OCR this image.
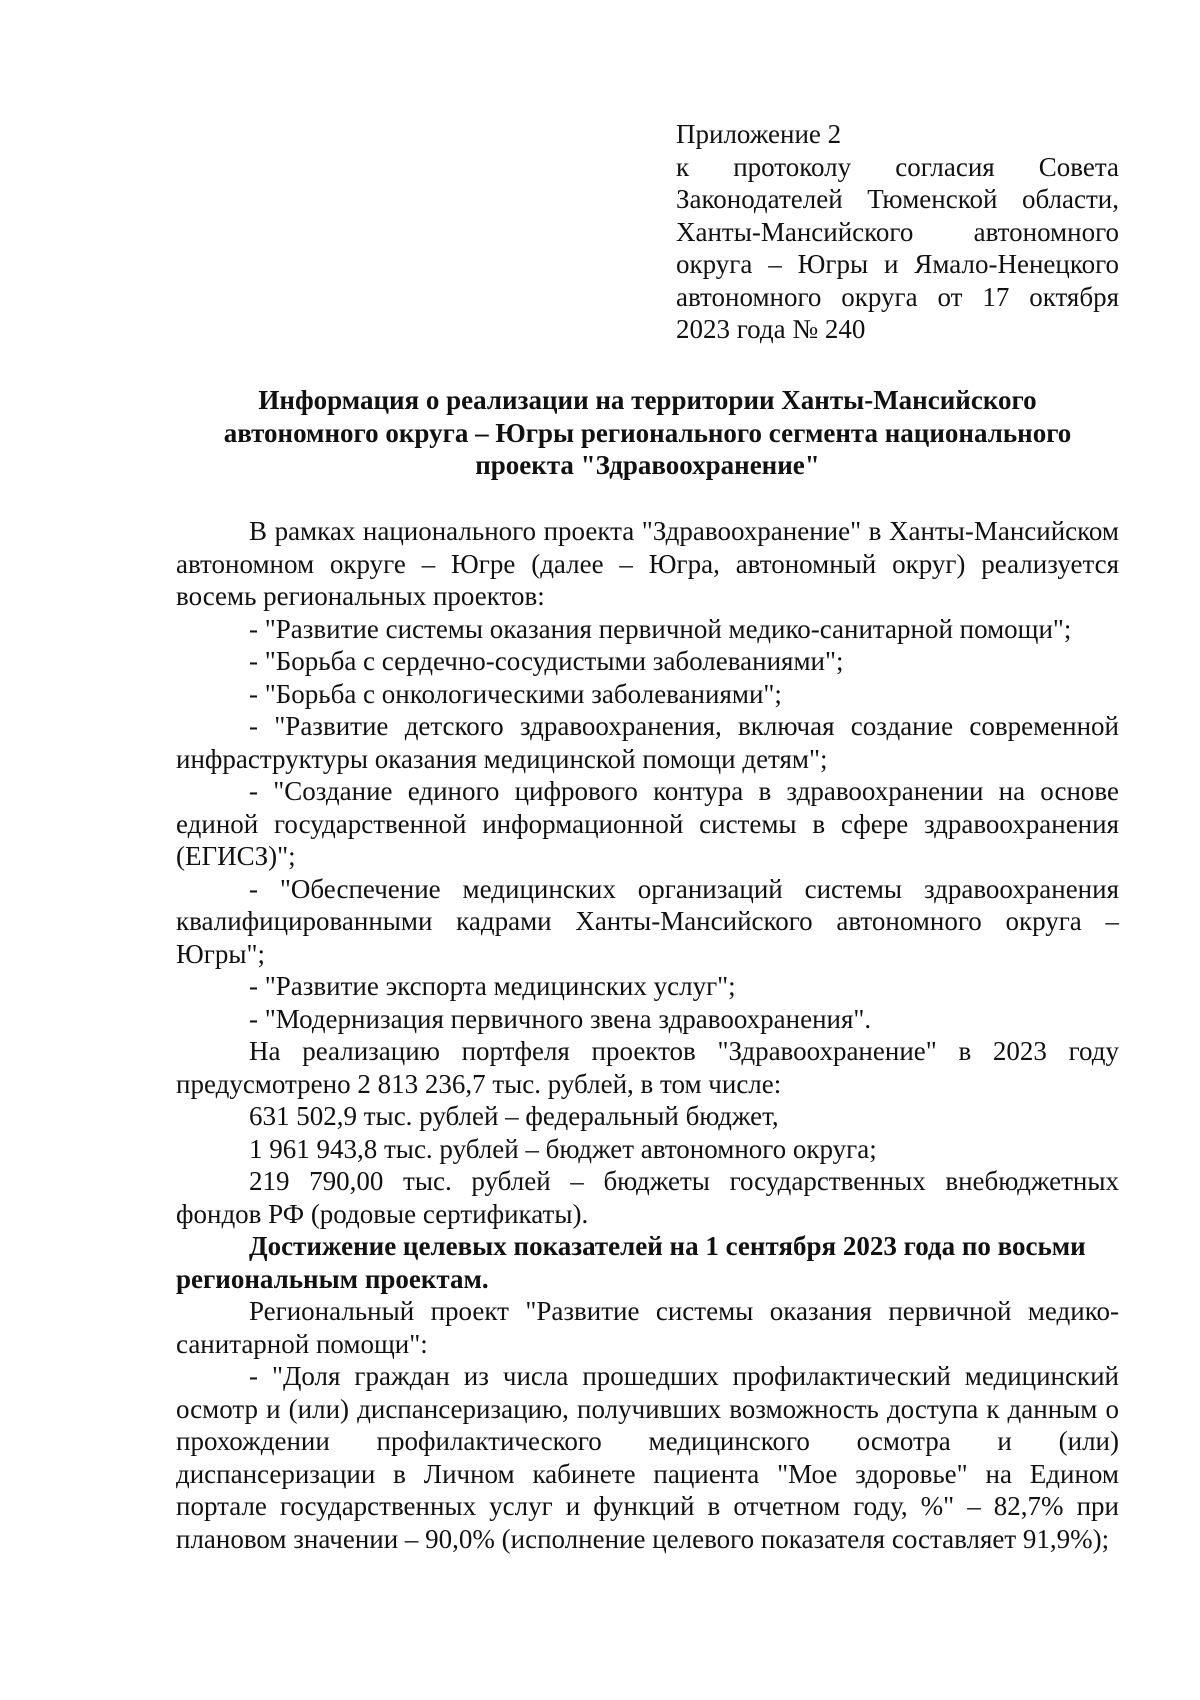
Приложение 2
к протоколу согласия Совета Законодателей Тюменской области, Ханты-Мансийского автономного округа – Югры и Ямало-Ненецкого автономного округа от 17 октября 2023 года № 240
Информация о реализации на территории Ханты-Мансийского
автономного округа – Югры регионального сегмента национального
проекта "Здравоохранение"

В рамках национального проекта "Здравоохранение" в Ханты-Мансийском автономном округе – Югре (далее – Югра, автономный округ) реализуется восемь региональных проектов:

- "Развитие системы оказания первичной медико-санитарной помощи";

- "Борьба с сердечно-сосудистыми заболеваниями";

- "Борьба с онкологическими заболеваниями";

- "Развитие детского здравоохранения, включая создание современной инфраструктуры оказания медицинской помощи детям";

- "Создание единого цифрового контура в здравоохранении на основе единой государственной информационной системы в сфере здравоохранения (ЕГИСЗ)";

- "Обеспечение медицинских организаций системы здравоохранения квалифицированными кадрами Ханты-Мансийского автономного округа – Югры";

- "Развитие экспорта медицинских услуг";

- "Модернизация первичного звена здравоохранения".

На реализацию портфеля проектов "Здравоохранение" в 2023 году предусмотрено 2 813 236,7 тыс. рублей, в том числе:

631 502,9 тыс. рублей – федеральный бюджет,

1 961 943,8 тыс. рублей – бюджет автономного округа;

219 790,00 тыс. рублей – бюджеты государственных внебюджетных фондов РФ (родовые сертификаты).

Достижение целевых показателей на 1 сентября 2023 года по восьми региональным проектам.

Региональный проект "Развитие системы оказания первичной медико-санитарной помощи":

- "Доля граждан из числа прошедших профилактический медицинский осмотр и (или) диспансеризацию, получивших возможность доступа к данным о прохождении профилактического медицинского осмотра и (или) диспансеризации в Личном кабинете пациента "Мое здоровье" на Едином портале государственных услуг и функций в отчетном году, %" – 82,7% при плановом значении – 90,0% (исполнение целевого показателя составляет 91,9%);
